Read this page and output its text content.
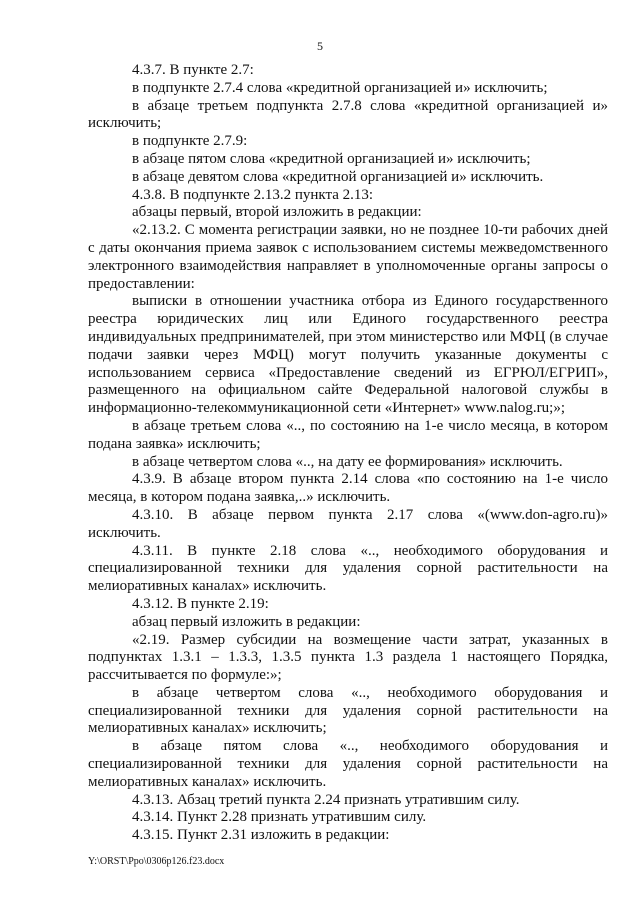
5

4.3.7. В пункте 2.7:

в подпункте 2.7.4 слова «кредитной организацией и» исключить;

в абзаце третьем подпункта 2.7.8 слова «кредитной организацией и» исключить;

в подпункте 2.7.9:

в абзаце пятом слова «кредитной организацией и» исключить;

в абзаце девятом слова «кредитной организацией и» исключить.

4.3.8. В подпункте 2.13.2 пункта 2.13:

абзацы первый, второй изложить в редакции:

«2.13.2. С момента регистрации заявки, но не позднее 10-ти рабочих дней с даты окончания приема заявок с использованием системы межведомственного электронного взаимодействия направляет в уполномоченные органы запросы о предоставлении:

выписки в отношении участника отбора из Единого государственного реестра юридических лиц или Единого государственного реестра индивидуальных предпринимателей, при этом министерство или МФЦ (в случае подачи заявки через МФЦ) могут получить указанные документы с использованием сервиса «Предоставление сведений из ЕГРЮЛ/ЕГРИП», размещенного на официальном сайте Федеральной налоговой службы в информационно-телекоммуникационной сети «Интернет» www.nalog.ru;»;

в абзаце третьем слова «.., по состоянию на 1-е число месяца, в котором подана заявка» исключить;

в абзаце четвертом слова «.., на дату ее формирования» исключить.

4.3.9. В абзаце втором пункта 2.14 слова «по состоянию на 1-е число месяца, в котором подана заявка,..» исключить.

4.3.10. В абзаце первом пункта 2.17 слова «(www.don-agro.ru)» исключить.

4.3.11. В пункте 2.18 слова «.., необходимого оборудования и специализированной техники для удаления сорной растительности на мелиоративных каналах» исключить.

4.3.12. В пункте 2.19:

абзац первый изложить в редакции:

«2.19. Размер субсидии на возмещение части затрат, указанных в подпунктах 1.3.1 – 1.3.3, 1.3.5 пункта 1.3 раздела 1 настоящего Порядка, рассчитывается по формуле:»;

в абзаце четвертом слова «.., необходимого оборудования и специализированной техники для удаления сорной растительности на мелиоративных каналах» исключить;

в абзаце пятом слова «.., необходимого оборудования и специализированной техники для удаления сорной растительности на мелиоративных каналах» исключить.

4.3.13. Абзац третий пункта 2.24 признать утратившим силу.

4.3.14. Пункт 2.28 признать утратившим силу.

4.3.15. Пункт 2.31 изложить в редакции:

Y:\ORST\Ppo\0306p126.f23.docx
